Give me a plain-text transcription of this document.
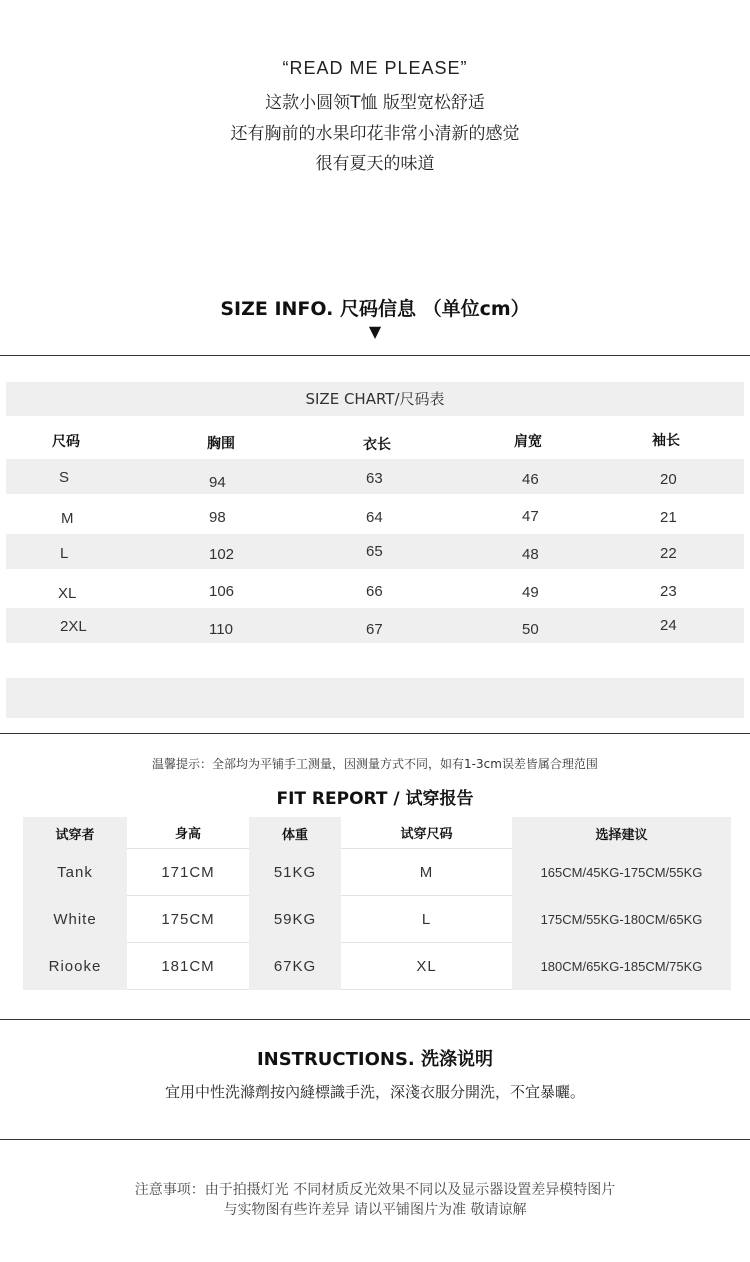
“READ ME PLEASE”
这款小圆领T恤 版型宽松舒适
还有胸前的水果印花非常小清新的感觉
很有夏天的味道
SIZE INFO. 尺码信息 （单位cm）
▼
SIZE CHART/尺码表
尺码	胸围	衣长	肩宽	袖长
S	94	63	46	20
M	98	64	47	21
L	102	65	48	22
XL	106	66	49	23
2XL	110	67	50	24
温馨提示：全部均为平铺手工测量，因测量方式不同，如有1-3cm误差皆属合理范围
FIT REPORT / 试穿报告
试穿者	身高	体重	试穿尺码	选择建议
Tank	171CM	51KG	M	165CM/45KG-175CM/55KG
White	175CM	59KG	L	175CM/55KG-180CM/65KG
Riooke	181CM	67KG	XL	180CM/65KG-185CM/75KG
INSTRUCTIONS. 洗涤说明
宜用中性洗滌劑按內縫標識手洗，深淺衣服分開洗，不宜暴曬。
注意事项：由于拍摄灯光 不同材质反光效果不同以及显示器设置差异模特图片
与实物图有些许差异 请以平铺图片为准 敬请谅解
